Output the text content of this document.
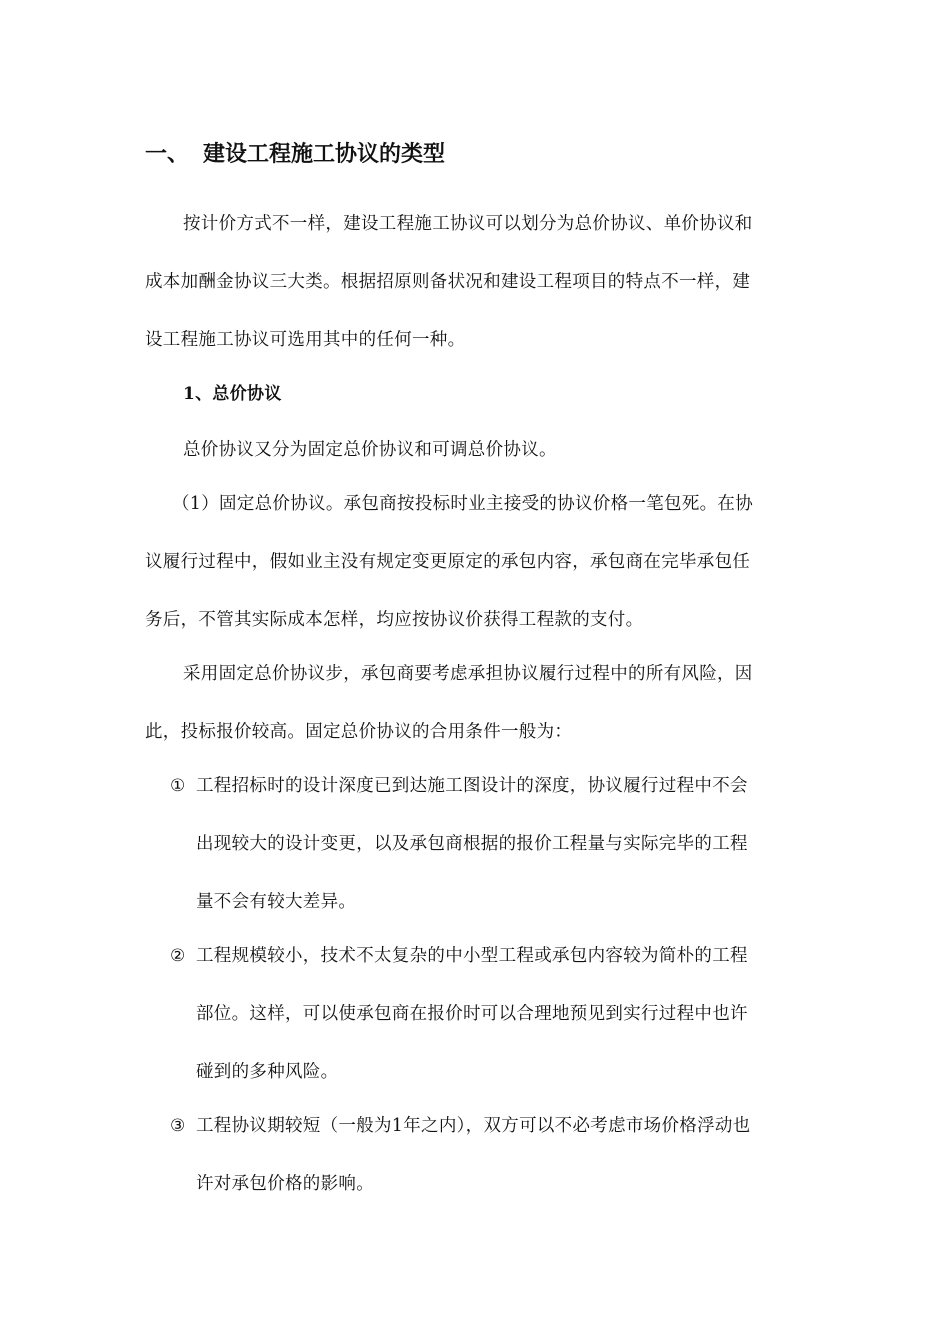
一、 建设工程施工协议的类型
按计价方式不一样，建设工程施工协议可以划分为总价协议、单价协议和
成本加酬金协议三大类。根据招原则备状况和建设工程项目的特点不一样，建
设工程施工协议可选用其中的任何一种。
1、总价协议
总价协议又分为固定总价协议和可调总价协议。
（1）固定总价协议。承包商按投标时业主接受的协议价格一笔包死。在协
议履行过程中，假如业主没有规定变更原定的承包内容，承包商在完毕承包任
务后，不管其实际成本怎样，均应按协议价获得工程款的支付。
采用固定总价协议步，承包商要考虑承担协议履行过程中的所有风险，因
此，投标报价较高。固定总价协议的合用条件一般为：
① 工程招标时的设计深度已到达施工图设计的深度，协议履行过程中不会
出现较大的设计变更，以及承包商根据的报价工程量与实际完毕的工程
量不会有较大差异。
② 工程规模较小，技术不太复杂的中小型工程或承包内容较为简朴的工程
部位。这样，可以使承包商在报价时可以合理地预见到实行过程中也许
碰到的多种风险。
③ 工程协议期较短（一般为1年之内），双方可以不必考虑市场价格浮动也
许对承包价格的影响。
